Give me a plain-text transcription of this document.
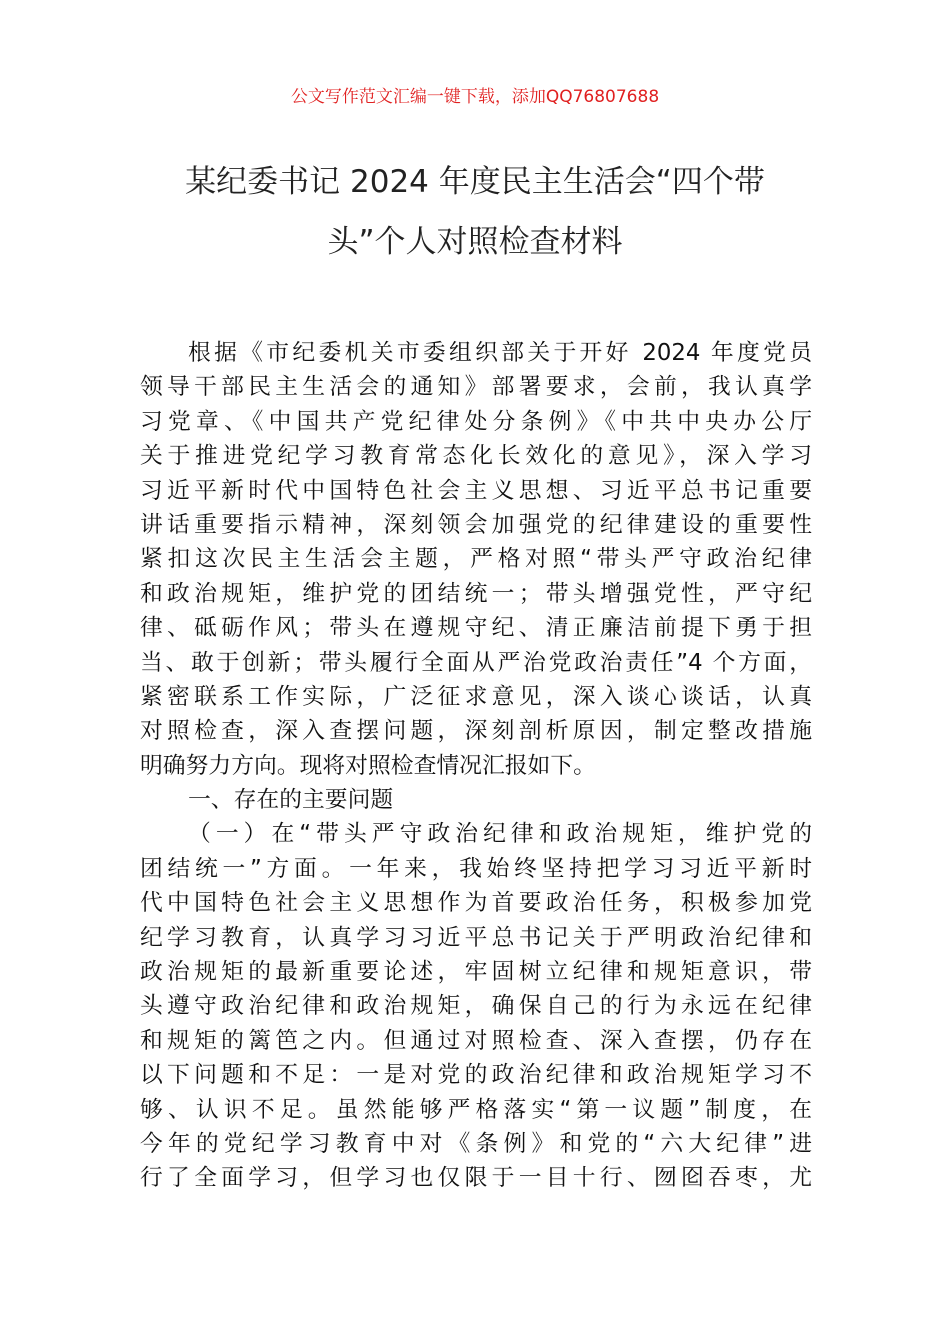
公文写作范文汇编一键下载，添加QQ76807688
某纪委书记 2024 年度民主生活会“四个带
头”个人对照检查材料
根据《市纪委机关市委组织部关于开好 2024 年度党员
领导干部民主生活会的通知》部署要求，会前，我认真学
习党章、《中国共产党纪律处分条例》《中共中央办公厅
关于推进党纪学习教育常态化长效化的意见》，深入学习
习近平新时代中国特色社会主义思想、习近平总书记重要
讲话重要指示精神，深刻领会加强党的纪律建设的重要性
紧扣这次民主生活会主题，严格对照“带头严守政治纪律
和政治规矩，维护党的团结统一；带头增强党性，严守纪
律、砥砺作风；带头在遵规守纪、清正廉洁前提下勇于担
当、敢于创新；带头履行全面从严治党政治责任”4 个方面，
紧密联系工作实际，广泛征求意见，深入谈心谈话，认真
对照检查，深入查摆问题，深刻剖析原因，制定整改措施
明确努力方向。现将对照检查情况汇报如下。
一、存在的主要问题
（一）在“带头严守政治纪律和政治规矩，维护党的
团结统一”方面。一年来，我始终坚持把学习习近平新时
代中国特色社会主义思想作为首要政治任务，积极参加党
纪学习教育，认真学习习近平总书记关于严明政治纪律和
政治规矩的最新重要论述，牢固树立纪律和规矩意识，带
头遵守政治纪律和政治规矩，确保自己的行为永远在纪律
和规矩的篱笆之内。但通过对照检查、深入查摆，仍存在
以下问题和不足：一是对党的政治纪律和政治规矩学习不
够、认识不足。虽然能够严格落实“第一议题”制度，在
今年的党纪学习教育中对《条例》和党的“六大纪律”进
行了全面学习，但学习也仅限于一目十行、囫囵吞枣，尤
